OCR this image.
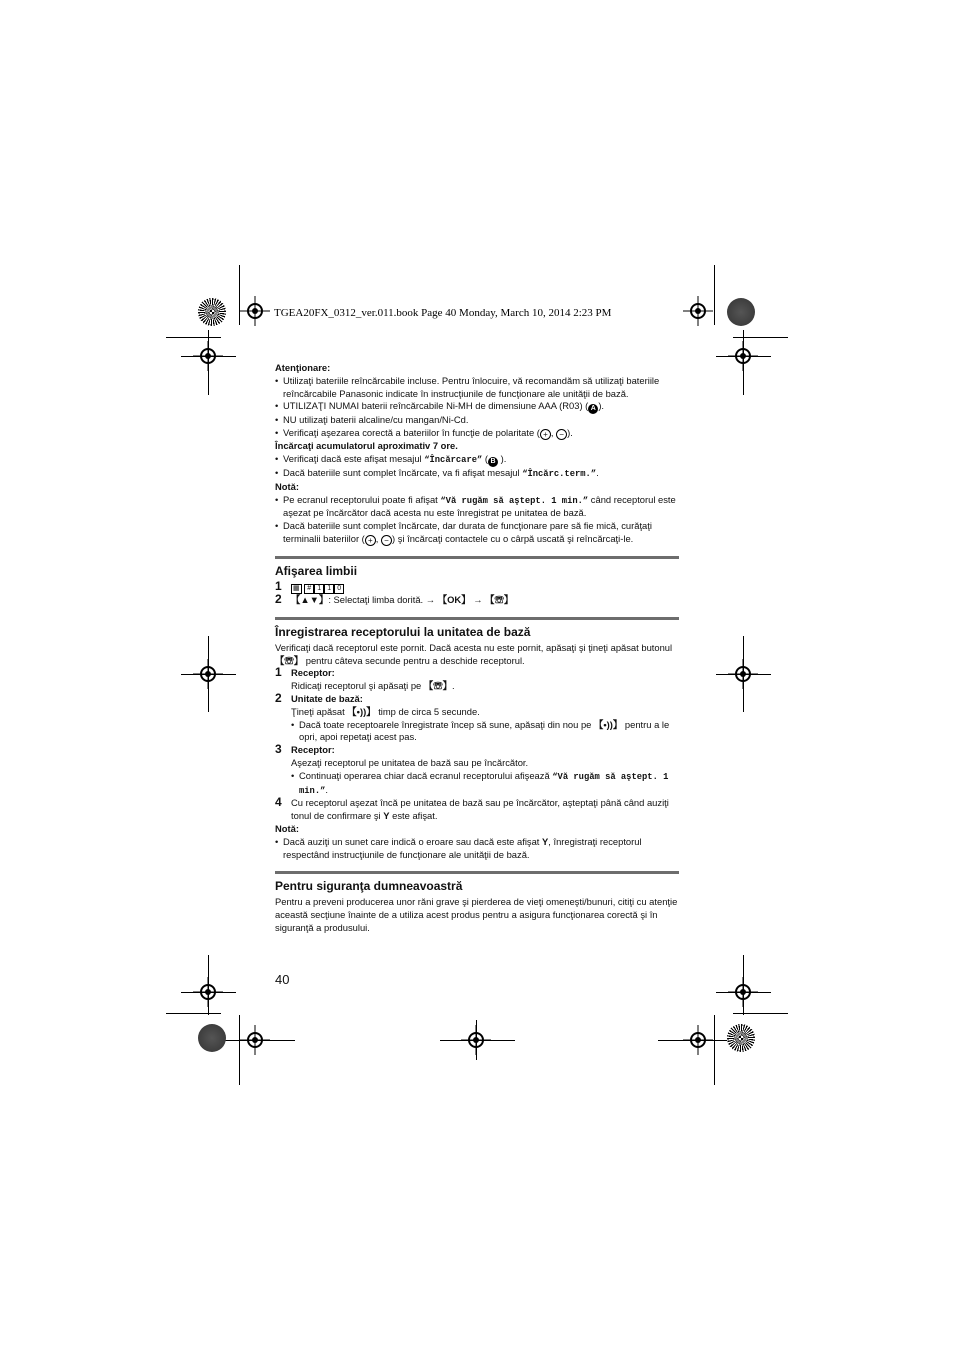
TGEA20FX_0312_ver.011.book Page 40 Monday, March 10, 2014 2:23 PM
Atenţionare:
• Utilizaţi bateriile reîncărcabile incluse. Pentru înlocuire, vă recomandăm să utilizaţi bateriile reîncărcabile Panasonic indicate în instrucţiunile de funcţionare ale unităţii de bază.
• UTILIZAŢI NUMAI baterii reîncărcabile Ni-MH de dimensiune AAA (R03) ( A ).
• NU utilizaţi baterii alcaline/cu mangan/Ni-Cd.
• Verificaţi aşezarea corectă a bateriilor în funcţie de polaritate ( + , − ).
Încărcaţi acumulatorul aproximativ 7 ore.
• Verificaţi dacă este afişat mesajul “Încărcare” ( B ).
• Dacă bateriile sunt complet încărcate, va fi afişat mesajul “Încărc.term.”.
Notă:
• Pe ecranul receptorului poate fi afişat “Vă rugăm să aştept. 1 min.” când receptorul este aşezat pe încărcător dacă acesta nu este înregistrat pe unitatea de bază.
• Dacă bateriile sunt complet încărcate, dar durata de funcţionare pare să fie mică, curăţaţi terminalii bateriilor ( + , − ) şi încărcaţi contactele cu o cârpă uscată şi reîncărcaţi-le.
Afişarea limbii
1 ▦ # 1 1 0
2 【▲▼】: Selectaţi limba dorită. → 【OK】 → 【☏】
Înregistrarea receptorului la unitatea de bază
Verificaţi dacă receptorul este pornit. Dacă acesta nu este pornit, apăsaţi şi ţineţi apăsat butonul 【☏】 pentru câteva secunde pentru a deschide receptorul.
1 Receptor:
Ridicaţi receptorul şi apăsaţi pe 【☏】.
2 Unitate de bază:
Ţineţi apăsat 【•))】 timp de circa 5 secunde.
• Dacă toate receptoarele înregistrate încep să sune, apăsaţi din nou pe 【•))】 pentru a le opri, apoi repetaţi acest pas.
3 Receptor:
Aşezaţi receptorul pe unitatea de bază sau pe încărcător.
• Continuaţi operarea chiar dacă ecranul receptorului afişează “Vă rugăm să aştept. 1 min.”.
4 Cu receptorul aşezat încă pe unitatea de bază sau pe încărcător, aşteptaţi până când auziţi tonul de confirmare şi Y este afişat.
Notă:
• Dacă auziţi un sunet care indică o eroare sau dacă este afişat Y, înregistraţi receptorul respectând instrucţiunile de funcţionare ale unităţii de bază.
Pentru siguranţa dumneavoastră
Pentru a preveni producerea unor răni grave şi pierderea de vieţi omeneşti/bunuri, citiţi cu atenţie această secţiune înainte de a utiliza acest produs pentru a asigura funcţionarea corectă şi în siguranţă a produsului.
40
